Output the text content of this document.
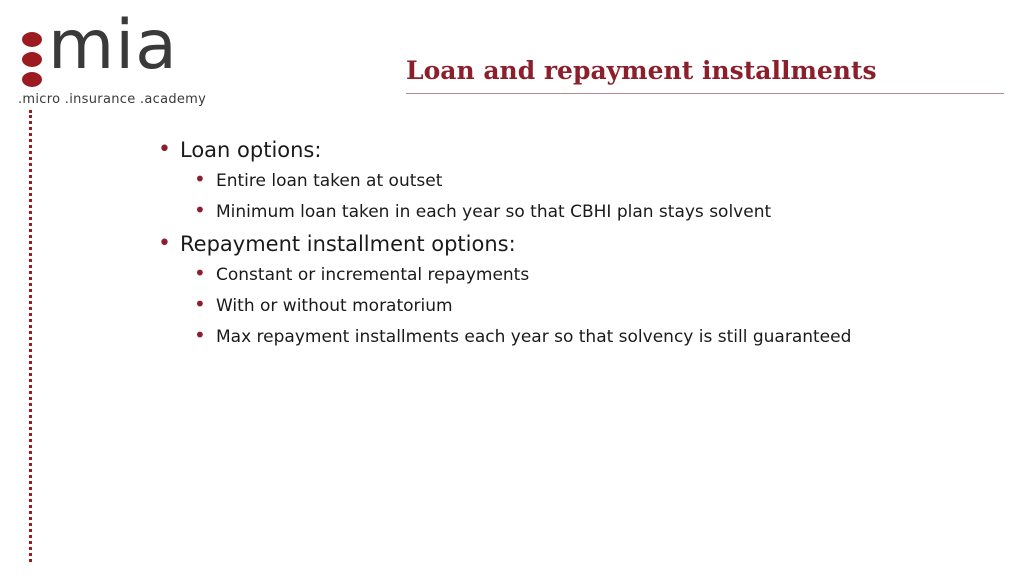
mia
.micro .insurance .academy
Loan and repayment installments
• Loan options:
• Entire loan taken at outset
• Minimum loan taken in each year so that CBHI plan stays solvent
• Repayment installment options:
• Constant or incremental repayments
• With or without moratorium
• Max repayment installments each year so that solvency is still guaranteed
